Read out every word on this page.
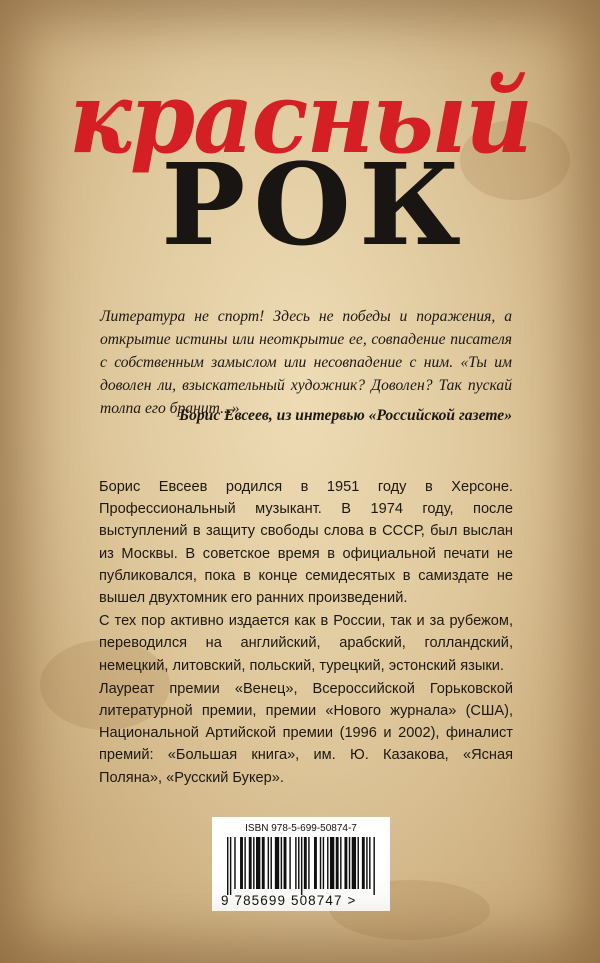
красный
РОК
Литература не спорт! Здесь не победы и поражения, а открытие истины или неоткрытие ее, совпадение писателя с собственным замыслом или несовпадение с ним. «Ты им доволен ли, взыскательный художник? Доволен? Так пускай толпа его бранит...»
Борис Евсеев, из интервью «Российской газете»

Борис Евсеев родился в 1951 году в Херсоне. Профессиональный музыкант. В 1974 году, после выступлений в защиту свободы слова в СССР, был выслан из Москвы. В советское время в официальной печати не публиковался, пока в конце семидесятых в самиздате не вышел двухтомник его ранних произведений.

С тех пор активно издается как в России, так и за рубежом, переводился на английский, арабский, голландский, немецкий, литовский, польский, турецкий, эстонский языки.

Лауреат премии «Венец», Всероссийской Горьковской литературной премии, премии «Нового журнала» (США), Национальной Артийской премии (1996 и 2002), финалист премий: «Большая книга», им. Ю. Казакова, «Ясная Поляна», «Русский Букер».

ISBN 978-5-699-50874-7
9 785699 508747 >
